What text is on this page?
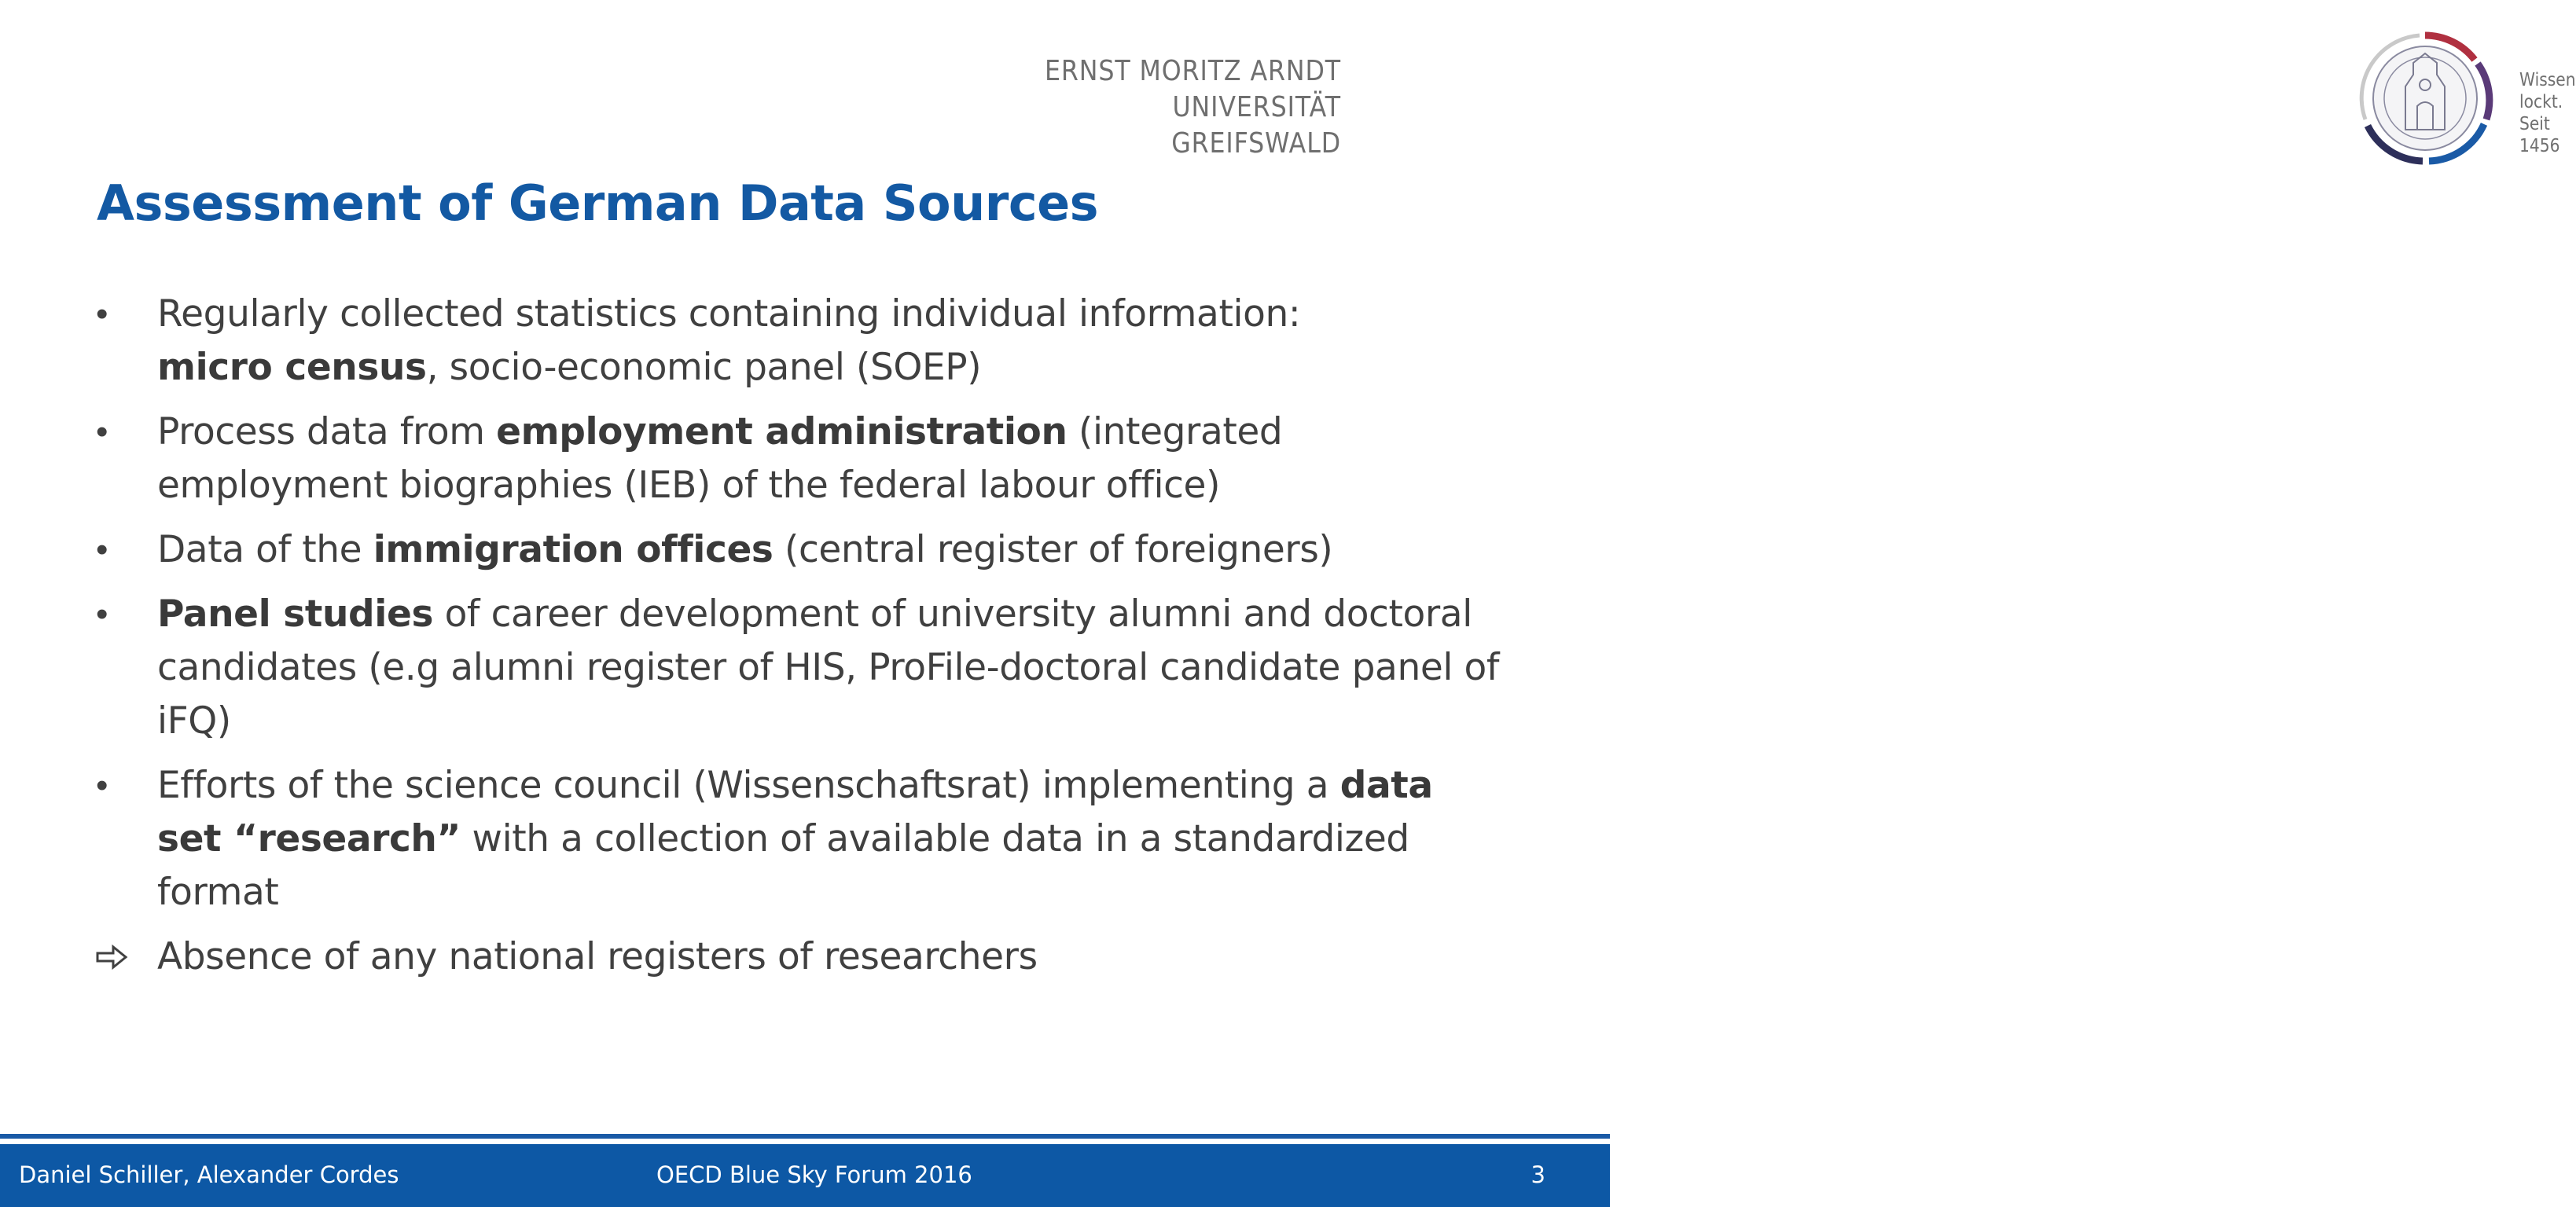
ERNST MORITZ ARNDT
UNIVERSITÄT GREIFSWALD
Wissen
lockt.
Seit 1456
Assessment of German Data Sources
•	Regularly collected statistics containing individual information:
micro census, socio-economic panel (SOEP)
•	Process data from employment administration (integrated employment biographies (IEB) of the federal labour office)
•	Data of the immigration offices (central register of foreigners)
•	Panel studies of career development of university alumni and doctoral candidates (e.g alumni register of HIS, ProFile-doctoral candidate panel of iFQ)
•	Efforts of the science council (Wissenschaftsrat) implementing a data set “research” with a collection of available data in a standardized format
Absence of any national registers of researchers
Daniel Schiller, Alexander Cordes	OECD Blue Sky Forum 2016	3
